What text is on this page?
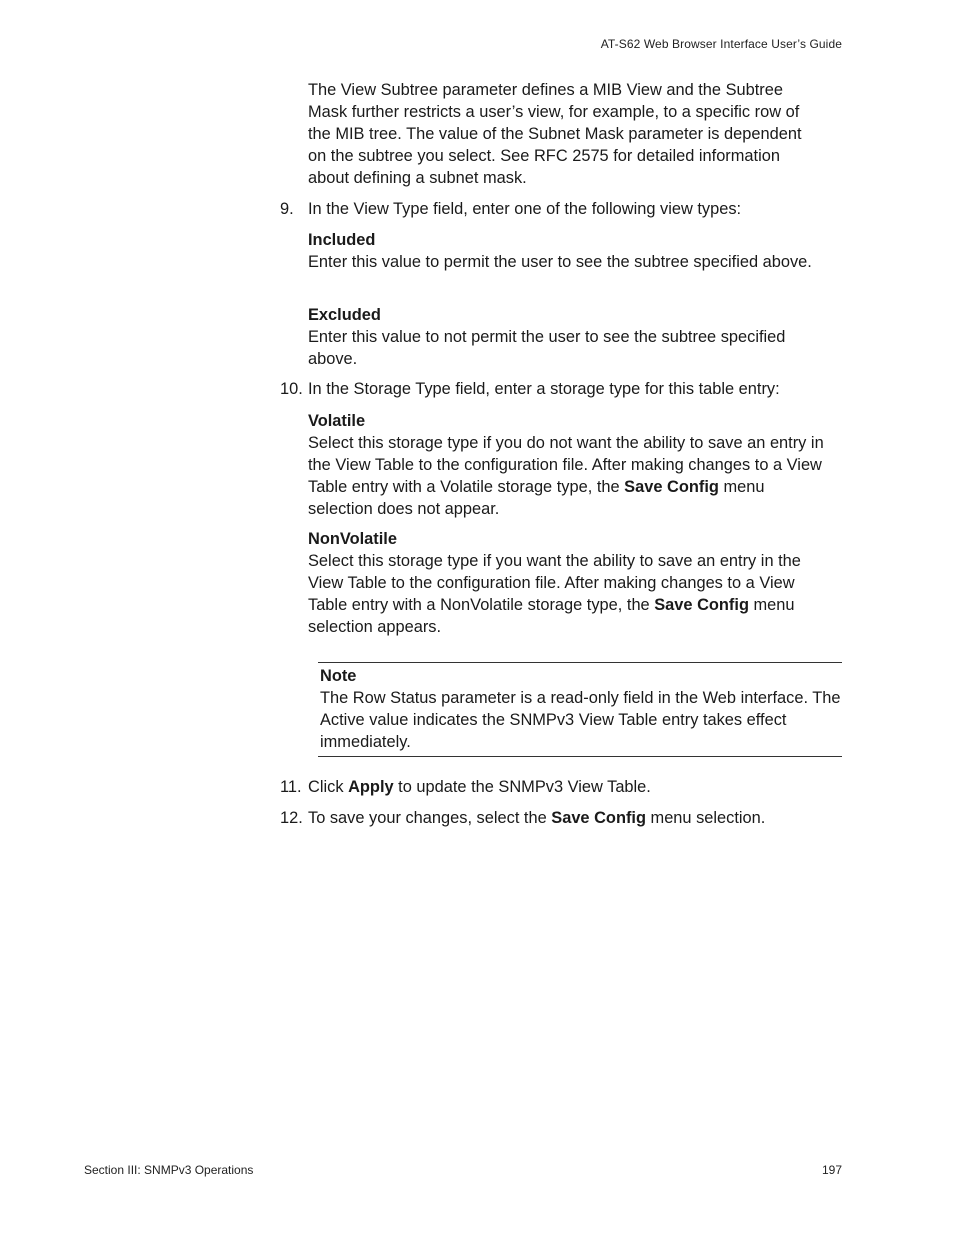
AT-S62 Web Browser Interface User’s Guide

The View Subtree parameter defines a MIB View and the Subtree Mask further restricts a user’s view, for example, to a specific row of the MIB tree. The value of the Subnet Mask parameter is dependent on the subtree you select. See RFC 2575 for detailed information about defining a subnet mask.

9. In the View Type field, enter one of the following view types:

Included
Enter this value to permit the user to see the subtree specified above.
Excluded
Enter this value to not permit the user to see the subtree specified above.

10. In the Storage Type field, enter a storage type for this table entry:

Volatile
Select this storage type if you do not want the ability to save an entry in the View Table to the configuration file. After making changes to a View Table entry with a Volatile storage type, the Save Config menu selection does not appear.
NonVolatile
Select this storage type if you want the ability to save an entry in the View Table to the configuration file. After making changes to a View Table entry with a NonVolatile storage type, the Save Config menu selection appears.
Note
The Row Status parameter is a read-only field in the Web interface. The Active value indicates the SNMPv3 View Table entry takes effect immediately.

11. Click Apply to update the SNMPv3 View Table.

12. To save your changes, select the Save Config menu selection.

Section III: SNMPv3 Operations	197
